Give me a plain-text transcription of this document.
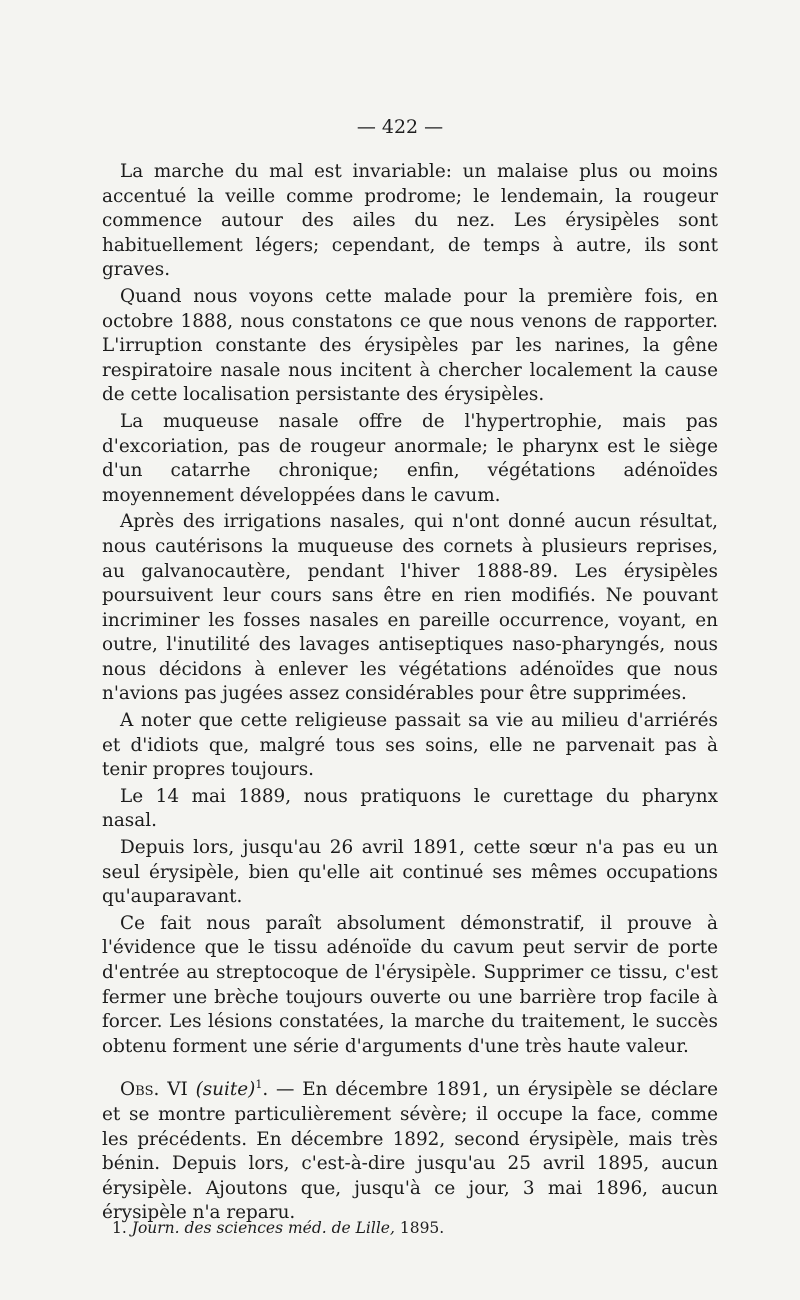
— 422 —

La marche du mal est invariable: un malaise plus ou moins accentué la veille comme prodrome; le lendemain, la rougeur commence autour des ailes du nez. Les érysipèles sont habituellement légers; cependant, de temps à autre, ils sont graves.

Quand nous voyons cette malade pour la première fois, en octobre 1888, nous constatons ce que nous venons de rapporter. L'irruption constante des érysipèles par les narines, la gêne respiratoire nasale nous incitent à chercher localement la cause de cette localisation persistante des érysipèles.

La muqueuse nasale offre de l'hypertrophie, mais pas d'excoriation, pas de rougeur anormale; le pharynx est le siège d'un catarrhe chronique; enfin, végétations adénoïdes moyennement développées dans le cavum.

Après des irrigations nasales, qui n'ont donné aucun résultat, nous cautérisons la muqueuse des cornets à plusieurs reprises, au galvanocautère, pendant l'hiver 1888-89. Les érysipèles poursuivent leur cours sans être en rien modifiés. Ne pouvant incriminer les fosses nasales en pareille occurrence, voyant, en outre, l'inutilité des lavages antiseptiques naso-pharyngés, nous nous décidons à enlever les végétations adénoïdes que nous n'avions pas jugées assez considérables pour être supprimées.

A noter que cette religieuse passait sa vie au milieu d'arriérés et d'idiots que, malgré tous ses soins, elle ne parvenait pas à tenir propres toujours.

Le 14 mai 1889, nous pratiquons le curettage du pharynx nasal.

Depuis lors, jusqu'au 26 avril 1891, cette sœur n'a pas eu un seul érysipèle, bien qu'elle ait continué ses mêmes occupations qu'auparavant.

Ce fait nous paraît absolument démonstratif, il prouve à l'évidence que le tissu adénoïde du cavum peut servir de porte d'entrée au streptocoque de l'érysipèle. Supprimer ce tissu, c'est fermer une brèche toujours ouverte ou une barrière trop facile à forcer. Les lésions constatées, la marche du traitement, le succès obtenu forment une série d'arguments d'une très haute valeur.

Obs. VI (suite)$^1$. — En décembre 1891, un érysipèle se déclare et se montre particulièrement sévère; il occupe la face, comme les précédents. En décembre 1892, second érysipèle, mais très bénin. Depuis lors, c'est-à-dire jusqu'au 25 avril 1895, aucun érysipèle. Ajoutons que, jusqu'à ce jour, 3 mai 1896, aucun érysipèle n'a reparu.

1. Journ. des sciences méd. de Lille, 1895.
